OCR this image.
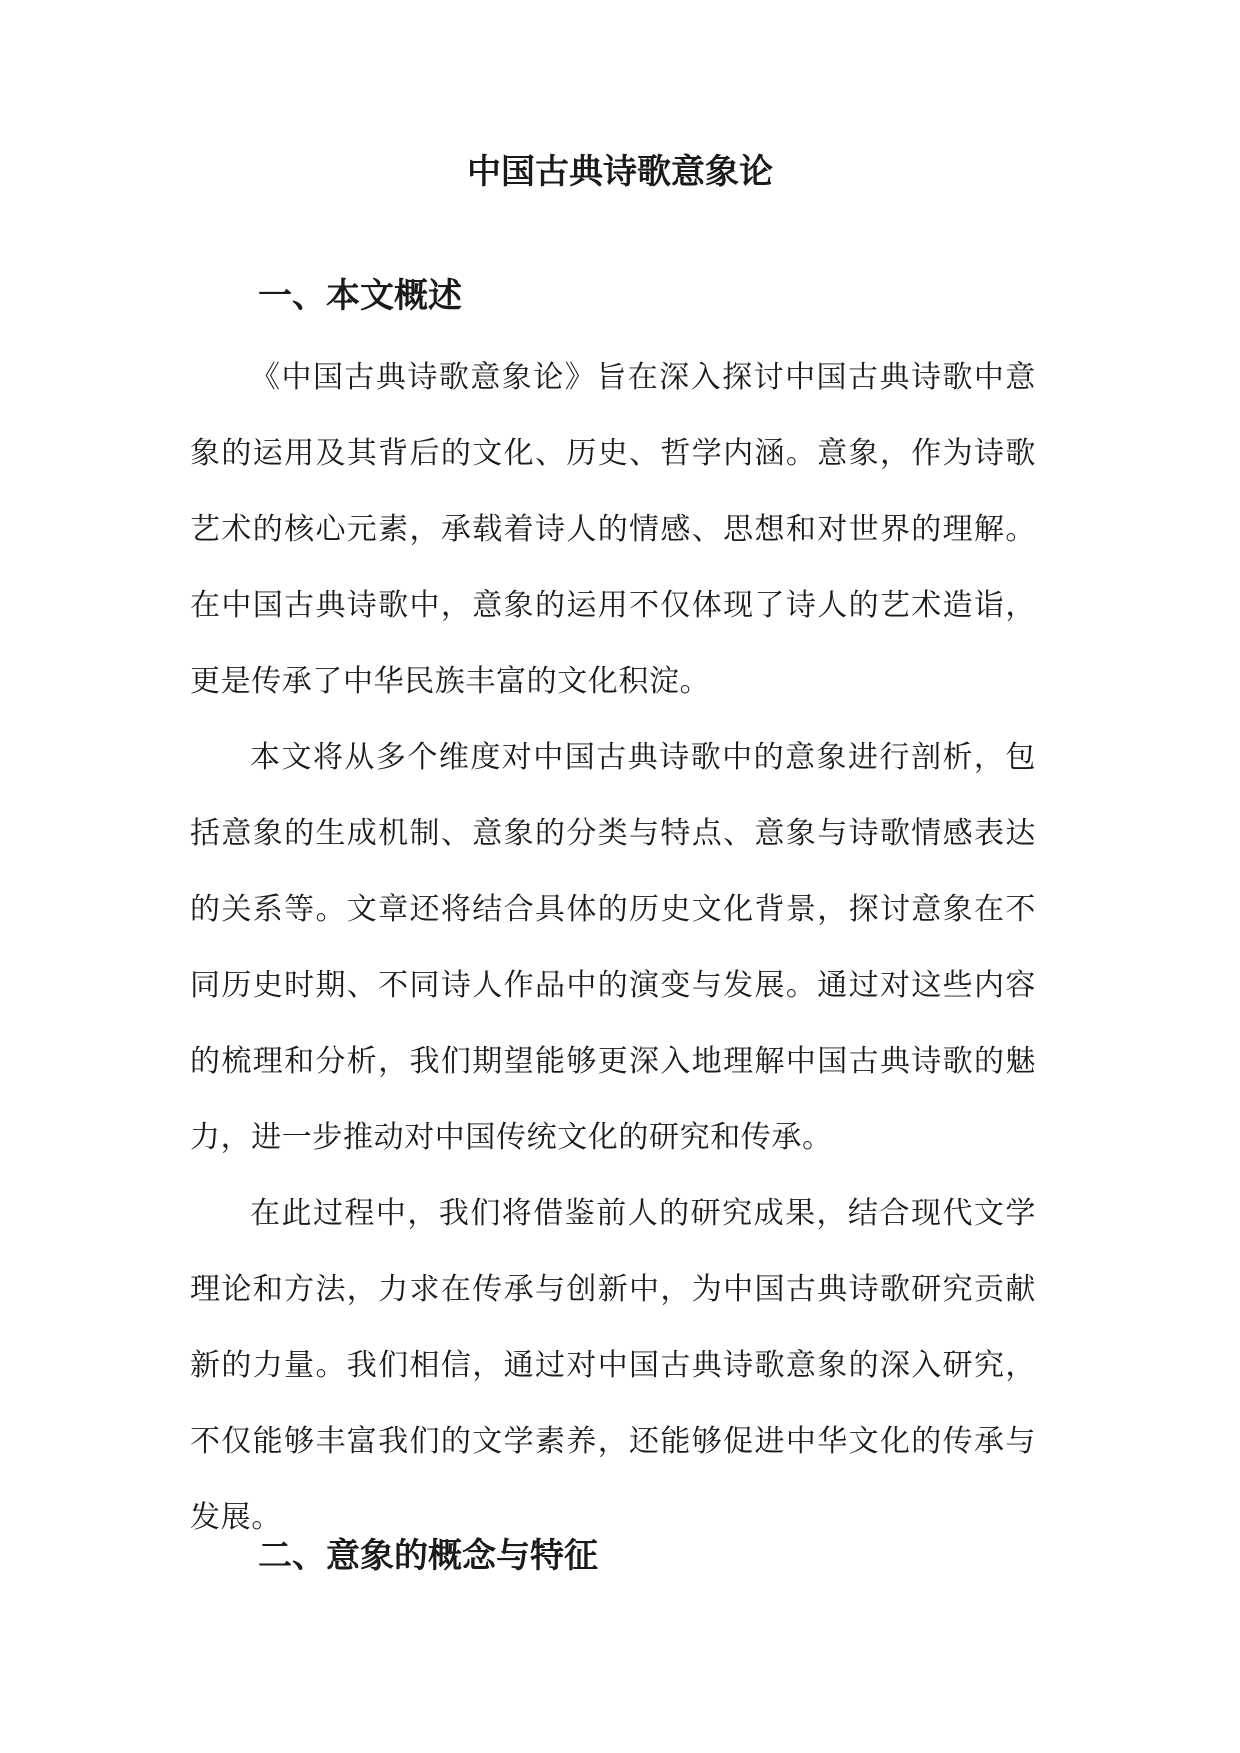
中国古典诗歌意象论
一、本文概述

《中国古典诗歌意象论》旨在深入探讨中国古典诗歌中意象的运用及其背后的文化、历史、哲学内涵。意象，作为诗歌艺术的核心元素，承载着诗人的情感、思想和对世界的理解。在中国古典诗歌中，意象的运用不仅体现了诗人的艺术造诣，更是传承了中华民族丰富的文化积淀。

本文将从多个维度对中国古典诗歌中的意象进行剖析，包括意象的生成机制、意象的分类与特点、意象与诗歌情感表达的关系等。文章还将结合具体的历史文化背景，探讨意象在不同历史时期、不同诗人作品中的演变与发展。通过对这些内容的梳理和分析，我们期望能够更深入地理解中国古典诗歌的魅力，进一步推动对中国传统文化的研究和传承。

在此过程中，我们将借鉴前人的研究成果，结合现代文学理论和方法，力求在传承与创新中，为中国古典诗歌研究贡献新的力量。我们相信，通过对中国古典诗歌意象的深入研究，不仅能够丰富我们的文学素养，还能够促进中华文化的传承与发展。

二、意象的概念与特征
